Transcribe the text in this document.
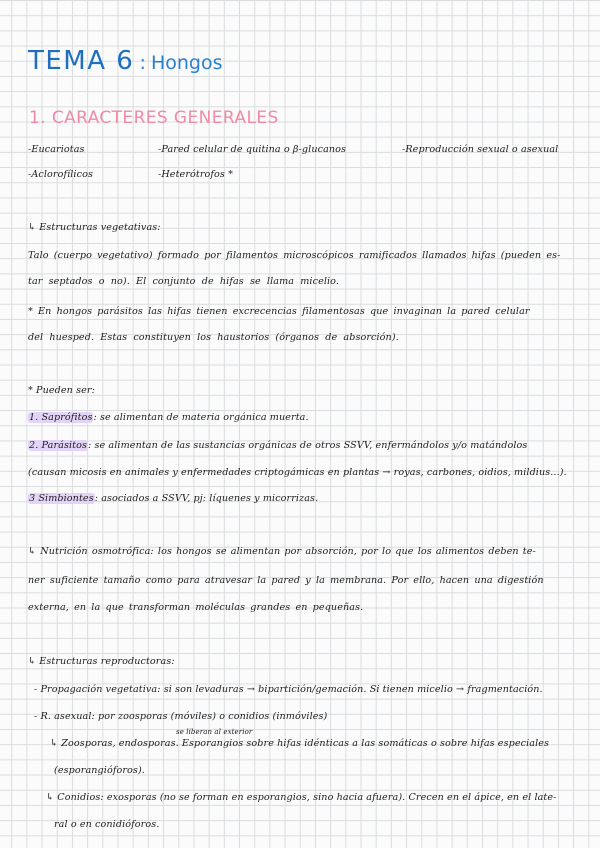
TEMA 6 : Hongos
1. CARACTERES GENERALES
-Eucariotas	-Pared celular de quitina o β-glucanos	-Reproducción sexual o asexual
-Aclorofílicos	-Heterótrofos *
↳ Estructuras vegetativas:
Talo (cuerpo vegetativo) formado por filamentos microscópicos ramificados llamados hifas (pueden es-
tar septados o no). El conjunto de hifas se llama micelio.
* En hongos parásitos las hifas tienen excrecencias filamentosas que invaginan la pared celular
del huesped. Estas constituyen los haustorios (órganos de absorción).
* Pueden ser:
1. Saprófitos: se alimentan de materia orgánica muerta.
2. Parásitos: se alimentan de las sustancias orgánicas de otros SSVV, enfermándolos y/o matándolos
(causan micosis en animales y enfermedades criptogámicas en plantas → royas, carbones, oidios, mildius...).
3 Simbiontes: asociados a SSVV, pj: líquenes y micorrizas.
↳ Nutrición osmotrófica: los hongos se alimentan por absorción, por lo que los alimentos deben te-
ner suficiente tamaño como para atravesar la pared y la membrana. Por ello, hacen una digestión
externa, en la que transforman moléculas grandes en pequeñas.
↳ Estructuras reproductoras:
- Propagación vegetativa: si son levaduras → bipartición/gemación. Si tienen micelio → fragmentación.
- R. asexual: por zoosporas (móviles) o conidios (inmóviles)
se liberan al exterior
↳ Zoosporas, endosporas. Esporangios sobre hifas idénticas a las somáticas o sobre hifas especiales
(esporangióforos).
↳ Conidios: exosporas (no se forman en esporangios, sino hacia afuera). Crecen en el ápice, en el late-
ral o en conidióforos.
